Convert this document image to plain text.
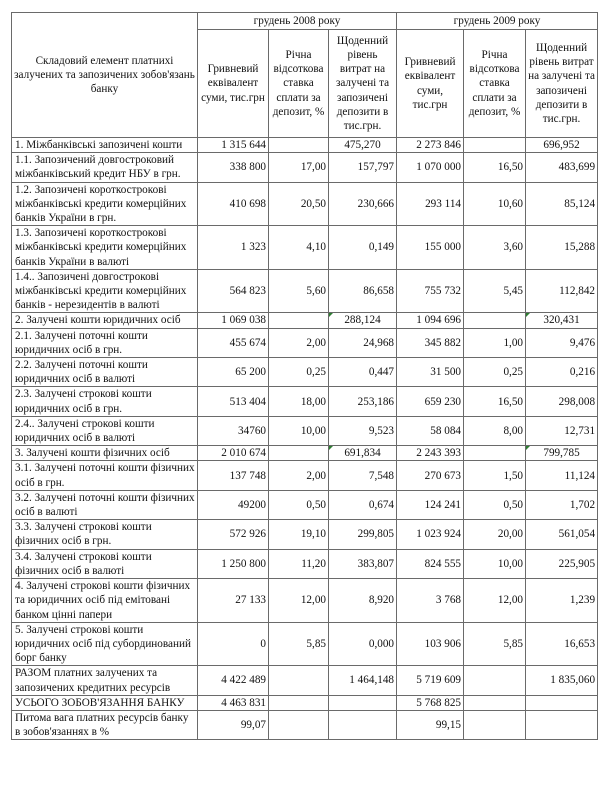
Складовий елемент платнихі залучених та запозичених зобов'язань банку	грудень 2008 року			грудень 2009 року		
	Гривневий еквівалент суми, тис.грн	Річна відсоткова ставка сплати за депозит, %	Щоденний рівень витрат на залучені та запозичені депозити в тис.грн.	Гривневий еквівалент суми, тис.грн	Річна відсоткова ставка сплати за депозит, %	Щоденний рівень витрат на залучені та запозичені депозити в тис.грн.
1. Міжбанківські запозичені кошти	1 315 644		475,270	2 273 846		696,952
1.1. Запозичений довгостроковий міжбанківський кредит НБУ в грн.	338 800	17,00	157,797	1 070 000	16,50	483,699
1.2. Запозичені короткострокові міжбанківські кредити комерційних банків України в грн.	410 698	20,50	230,666	293 114	10,60	85,124
1.3. Запозичені короткострокові міжбанківські кредити комерційних банків України в валюті	1 323	4,10	0,149	155 000	3,60	15,288
1.4.. Запозичені довгострокові міжбанківські кредити комерційних банків - нерезидентів в валюті	564 823	5,60	86,658	755 732	5,45	112,842
2. Залучені кошти юридичних осіб	1 069 038		288,124	1 094 696		320,431
2.1. Залучені поточні кошти юридичних осіб в грн.	455 674	2,00	24,968	345 882	1,00	9,476
2.2. Залучені поточні кошти юридичних осіб в валюті	65 200	0,25	0,447	31 500	0,25	0,216
2.3. Залучені строкові кошти юридичних осіб в грн.	513 404	18,00	253,186	659 230	16,50	298,008
2.4.. Залучені строкові кошти юридичних осіб в валюті	34760	10,00	9,523	58 084	8,00	12,731
3. Залучені кошти фізичних осіб	2 010 674		691,834	2 243 393		799,785
3.1. Залучені поточні кошти фізичних осіб в грн.	137 748	2,00	7,548	270 673	1,50	11,124
3.2. Залучені поточні кошти фізичних осіб в валюті	49200	0,50	0,674	124 241	0,50	1,702
3.3. Залучені строкові кошти фізичних осіб в грн.	572 926	19,10	299,805	1 023 924	20,00	561,054
3.4. Залучені строкові кошти фізичних осіб в валюті	1 250 800	11,20	383,807	824 555	10,00	225,905
4. Залучені строкові кошти фізичних та юридичних осіб під емітовані банком цінні папери	27 133	12,00	8,920	3 768	12,00	1,239
5. Залучені строкові кошти юридичних осіб під субординований борг банку	0	5,85	0,000	103 906	5,85	16,653
РАЗОМ платних залучених та запозичених кредитних ресурсів	4 422 489		1 464,148	5 719 609		1 835,060
УСЬОГО ЗОБОВ'ЯЗАННЯ БАНКУ	4 463 831			5 768 825		
Питома вага платних ресурсів банку в зобов'язаннях в %	99,07			99,15		
